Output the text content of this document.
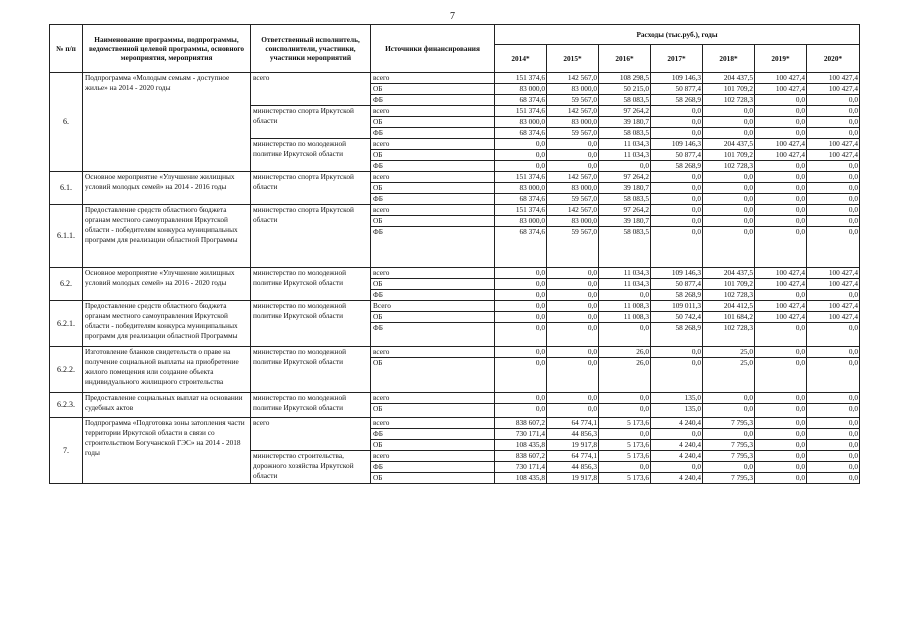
7
№ п/п	Наименование программы, подпрограммы, ведомственной целевой программы, основного мероприятия, мероприятия	Ответственный исполнитель, соисполнители, участники, участники мероприятий	Источники финансирования	Расходы (тыс.руб.), годы						
				2014*	2015*	2016*	2017*	2018*	2019*	2020*
6.	Подпрограмма «Молодым семьям - доступное жилье» на 2014 - 2020 годы	всего	всего	151 374,6	142 567,0	108 298,5	109 146,3	204 437,5	100 427,4	100 427,4
			ОБ	83 000,0	83 000,0	50 215,0	50 877,4	101 709,2	100 427,4	100 427,4
			ФБ	68 374,6	59 567,0	58 083,5	58 268,9	102 728,3	0,0	0,0
		министерство спорта Иркутской области	всего	151 374,6	142 567,0	97 264,2	0,0	0,0	0,0	0,0
			ОБ	83 000,0	83 000,0	39 180,7	0,0	0,0	0,0	0,0
			ФБ	68 374,6	59 567,0	58 083,5	0,0	0,0	0,0	0,0
		министерство по молодежной политике Иркутской области	всего	0,0	0,0	11 034,3	109 146,3	204 437,5	100 427,4	100 427,4
			ОБ	0,0	0,0	11 034,3	50 877,4	101 709,2	100 427,4	100 427,4
			ФБ	0,0	0,0	0,0	58 268,9	102 728,3	0,0	0,0
6.1.	Основное мероприятие «Улучшение жилищных условий молодых семей» на 2014 - 2016 годы	министерство спорта Иркутской области	всего	151 374,6	142 567,0	97 264,2	0,0	0,0	0,0	0,0
			ОБ	83 000,0	83 000,0	39 180,7	0,0	0,0	0,0	0,0
			ФБ	68 374,6	59 567,0	58 083,5	0,0	0,0	0,0	0,0
6.1.1.	Предоставление средств областного бюджета органам местного самоуправления Иркутской области - победителям конкурса муниципальных программ для реализации областной Программы	министерство спорта Иркутской области	всего	151 374,6	142 567,0	97 264,2	0,0	0,0	0,0	0,0
			ОБ	83 000,0	83 000,0	39 180,7	0,0	0,0	0,0	0,0
			ФБ	68 374,6	59 567,0	58 083,5	0,0	0,0	0,0	0,0
6.2.	Основное мероприятие «Улучшение жилищных условий молодых семей» на 2016 - 2020 годы	министерство по молодежной политике Иркутской области	всего	0,0	0,0	11 034,3	109 146,3	204 437,5	100 427,4	100 427,4
			ОБ	0,0	0,0	11 034,3	50 877,4	101 709,2	100 427,4	100 427,4
			ФБ	0,0	0,0	0,0	58 268,9	102 728,3	0,0	0,0
6.2.1.	Предоставление средств областного бюджета органам местного самоуправления Иркутской области - победителям конкурса муниципальных программ для реализации областной Программы	министерство по молодежной политике Иркутской области	Всего	0,0	0,0	11 008,3	109 011,3	204 412,5	100 427,4	100 427,4
			ОБ	0,0	0,0	11 008,3	50 742,4	101 684,2	100 427,4	100 427,4
			ФБ	0,0	0,0	0,0	58 268,9	102 728,3	0,0	0,0
6.2.2.	Изготовление бланков свидетельств о праве на получение социальной выплаты на приобретение жилого помещения или создание объекта индивидуального жилищного строительства	министерство по молодежной политике Иркутской области	всего	0,0	0,0	26,0	0,0	25,0	0,0	0,0
			ОБ	0,0	0,0	26,0	0,0	25,0	0,0	0,0
6.2.3.	Предоставление социальных выплат на основании судебных актов	министерство по молодежной политике Иркутской области	всего	0,0	0,0	0,0	135,0	0,0	0,0	0,0
			ОБ	0,0	0,0	0,0	135,0	0,0	0,0	0,0
7.	Подпрограмма «Подготовка зоны затопления части территории Иркутской области в связи со строительством Богучанской ГЭС» на 2014 - 2018 годы	всего	всего	838 607,2	64 774,1	5 173,6	4 240,4	7 795,3	0,0	0,0
			ФБ	730 171,4	44 856,3	0,0	0,0	0,0	0,0	0,0
			ОБ	108 435,8	19 917,8	5 173,6	4 240,4	7 795,3	0,0	0,0
		министерство строительства, дорожного хозяйства Иркутской области	всего	838 607,2	64 774,1	5 173,6	4 240,4	7 795,3	0,0	0,0
			ФБ	730 171,4	44 856,3	0,0	0,0	0,0	0,0	0,0
			ОБ	108 435,8	19 917,8	5 173,6	4 240,4	7 795,3	0,0	0,0
